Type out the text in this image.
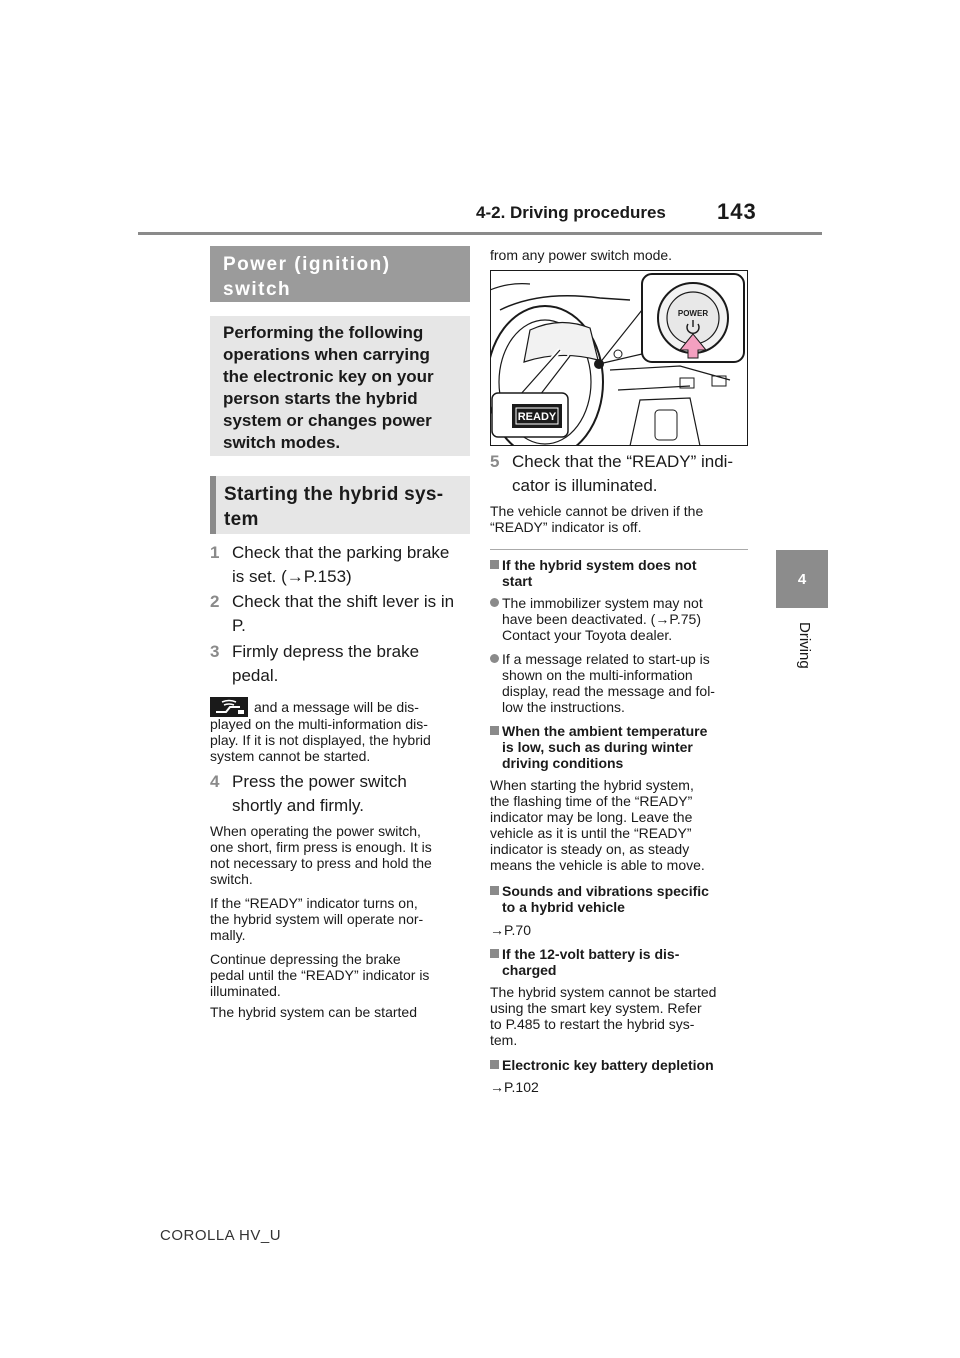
4-2. Driving procedures 143
4
Driving
Power (ignition) switch
Performing the following operations when carrying the electronic key on your person starts the hybrid system or changes power switch modes.
Starting the hybrid sys- tem
1 Check that the parking brake
is set. (→P.153)
2 Check that the shift lever is in
P.
3 Firmly depress the brake
pedal.
and a message will be dis-
played on the multi-information dis-
play. If it is not displayed, the hybrid
system cannot be started.
4 Press the power switch
shortly and firmly.
When operating the power switch,
one short, firm press is enough. It is
not necessary to press and hold the
switch.
If the “READY” indicator turns on,
the hybrid system will operate nor-
mally.
Continue depressing the brake
pedal until the “READY” indicator is
illuminated.
The hybrid system can be started
from any power switch mode.
POWER
READY
5 Check that the “READY” indi-
cator is illuminated.
The vehicle cannot be driven if the
“READY” indicator is off.
If the hybrid system does not
start
The immobilizer system may not
have been deactivated. (→P.75)
Contact your Toyota dealer.
If a message related to start-up is
shown on the multi-information
display, read the message and fol-
low the instructions.
When the ambient temperature
is low, such as during winter
driving conditions
When starting the hybrid system,
the flashing time of the “READY”
indicator may be long. Leave the
vehicle as it is until the “READY”
indicator is steady on, as steady
means the vehicle is able to move.
Sounds and vibrations specific
to a hybrid vehicle
→P.70
If the 12-volt battery is dis-
charged
The hybrid system cannot be started
using the smart key system. Refer
to P.485 to restart the hybrid sys-
tem.
Electronic key battery depletion
→P.102
COROLLA HV_U
